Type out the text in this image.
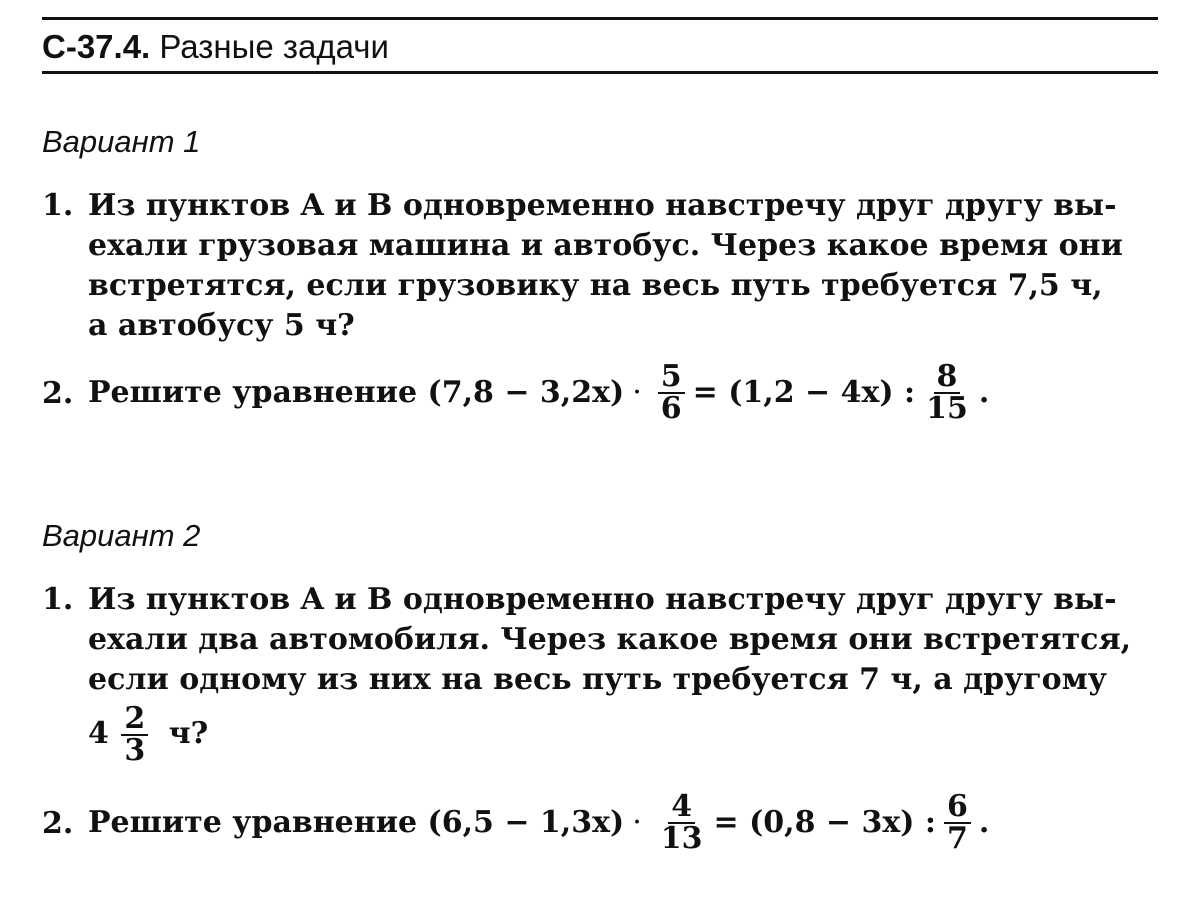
С-37.4. Разные задачи
Вариант 1
1. Из пунктов A и B одновременно навстречу друг другу вы-
ехали грузовая машина и автобус. Через какое время они
встретятся, если грузовику на весь путь требуется 7,5 ч,
а автобусу 5 ч?
2. Решите уравнение
$(7,8 - 3,2x) \cdot \frac{5}{6} = (1,2 - 4x)$ : $\frac{8}{15}$ .
Вариант 2
1. Из пунктов A и B одновременно навстречу друг другу вы-
ехали два автомобиля. Через какое время они встретятся,
если одному из них на весь путь требуется 7 ч, а другому
$4 \frac{2}{3} ч$?
2. Решите уравнение
$(6,5 - 1,3x) \cdot \frac{4}{13} = (0,8 - 3x)$ : $\frac{6}{7}$ .
